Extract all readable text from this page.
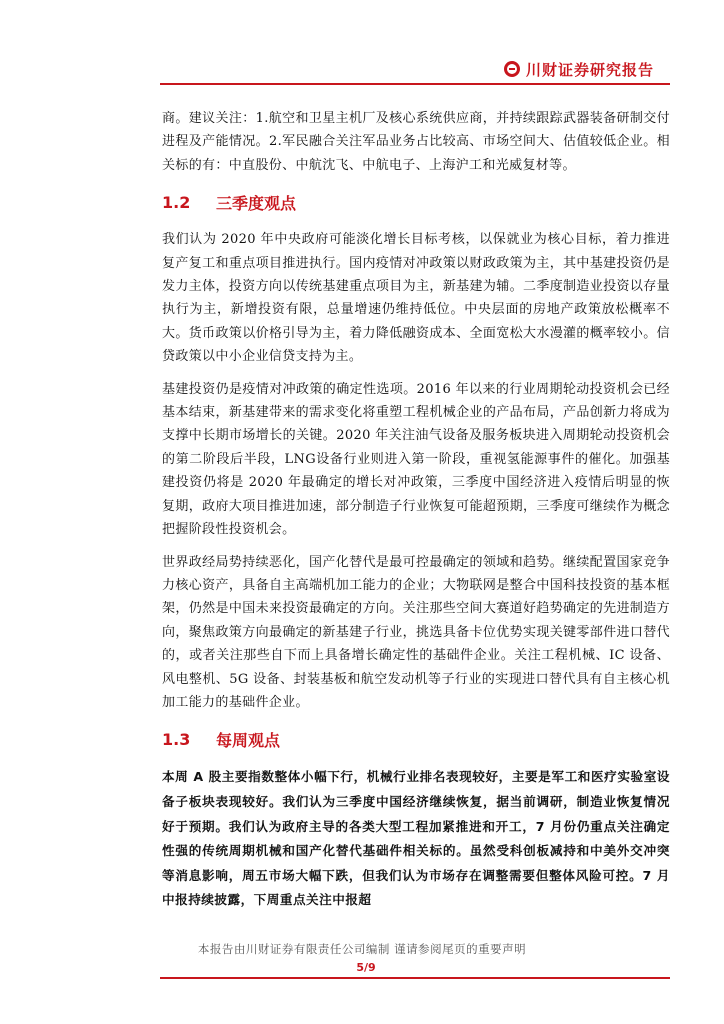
川财证券研究报告

商。建议关注：1.航空和卫星主机厂及核心系统供应商，并持续跟踪武器装备研制交付进程及产能情况。2.军民融合关注军品业务占比较高、市场空间大、估值较低企业。相关标的有：中直股份、中航沈飞、中航电子、上海沪工和光威复材等。

1.2	三季度观点

我们认为 2020 年中央政府可能淡化增长目标考核，以保就业为核心目标，着力推进复产复工和重点项目推进执行。国内疫情对冲政策以财政政策为主，其中基建投资仍是发力主体，投资方向以传统基建重点项目为主，新基建为辅。二季度制造业投资以存量执行为主，新增投资有限，总量增速仍维持低位。中央层面的房地产政策放松概率不大。货币政策以价格引导为主，着力降低融资成本、全面宽松大水漫灌的概率较小。信贷政策以中小企业信贷支持为主。

基建投资仍是疫情对冲政策的确定性选项。2016 年以来的行业周期轮动投资机会已经基本结束，新基建带来的需求变化将重塑工程机械企业的产品布局，产品创新力将成为支撑中长期市场增长的关键。2020 年关注油气设备及服务板块进入周期轮动投资机会的第二阶段后半段，LNG设备行业则进入第一阶段，重视氢能源事件的催化。加强基建投资仍将是 2020 年最确定的增长对冲政策，三季度中国经济进入疫情后明显的恢复期，政府大项目推进加速，部分制造子行业恢复可能超预期，三季度可继续作为概念把握阶段性投资机会。

世界政经局势持续恶化，国产化替代是最可控最确定的领域和趋势。继续配置国家竞争力核心资产，具备自主高端机加工能力的企业；大物联网是整合中国科技投资的基本框架，仍然是中国未来投资最确定的方向。关注那些空间大赛道好趋势确定的先进制造方向，聚焦政策方向最确定的新基建子行业，挑选具备卡位优势实现关键零部件进口替代的，或者关注那些自下而上具备增长确定性的基础件企业。关注工程机械、IC 设备、风电整机、5G 设备、封装基板和航空发动机等子行业的实现进口替代具有自主核心机加工能力的基础件企业。

1.3	每周观点

本周 A 股主要指数整体小幅下行，机械行业排名表现较好，主要是军工和医疗实验室设备子板块表现较好。我们认为三季度中国经济继续恢复，据当前调研，制造业恢复情况好于预期。我们认为政府主导的各类大型工程加紧推进和开工，7 月份仍重点关注确定性强的传统周期机械和国产化替代基础件相关标的。虽然受科创板减持和中美外交冲突等消息影响，周五市场大幅下跌，但我们认为市场存在调整需要但整体风险可控。7 月中报持续披露，下周重点关注中报超

本报告由川财证券有限责任公司编制 谨请参阅尾页的重要声明
5/9
